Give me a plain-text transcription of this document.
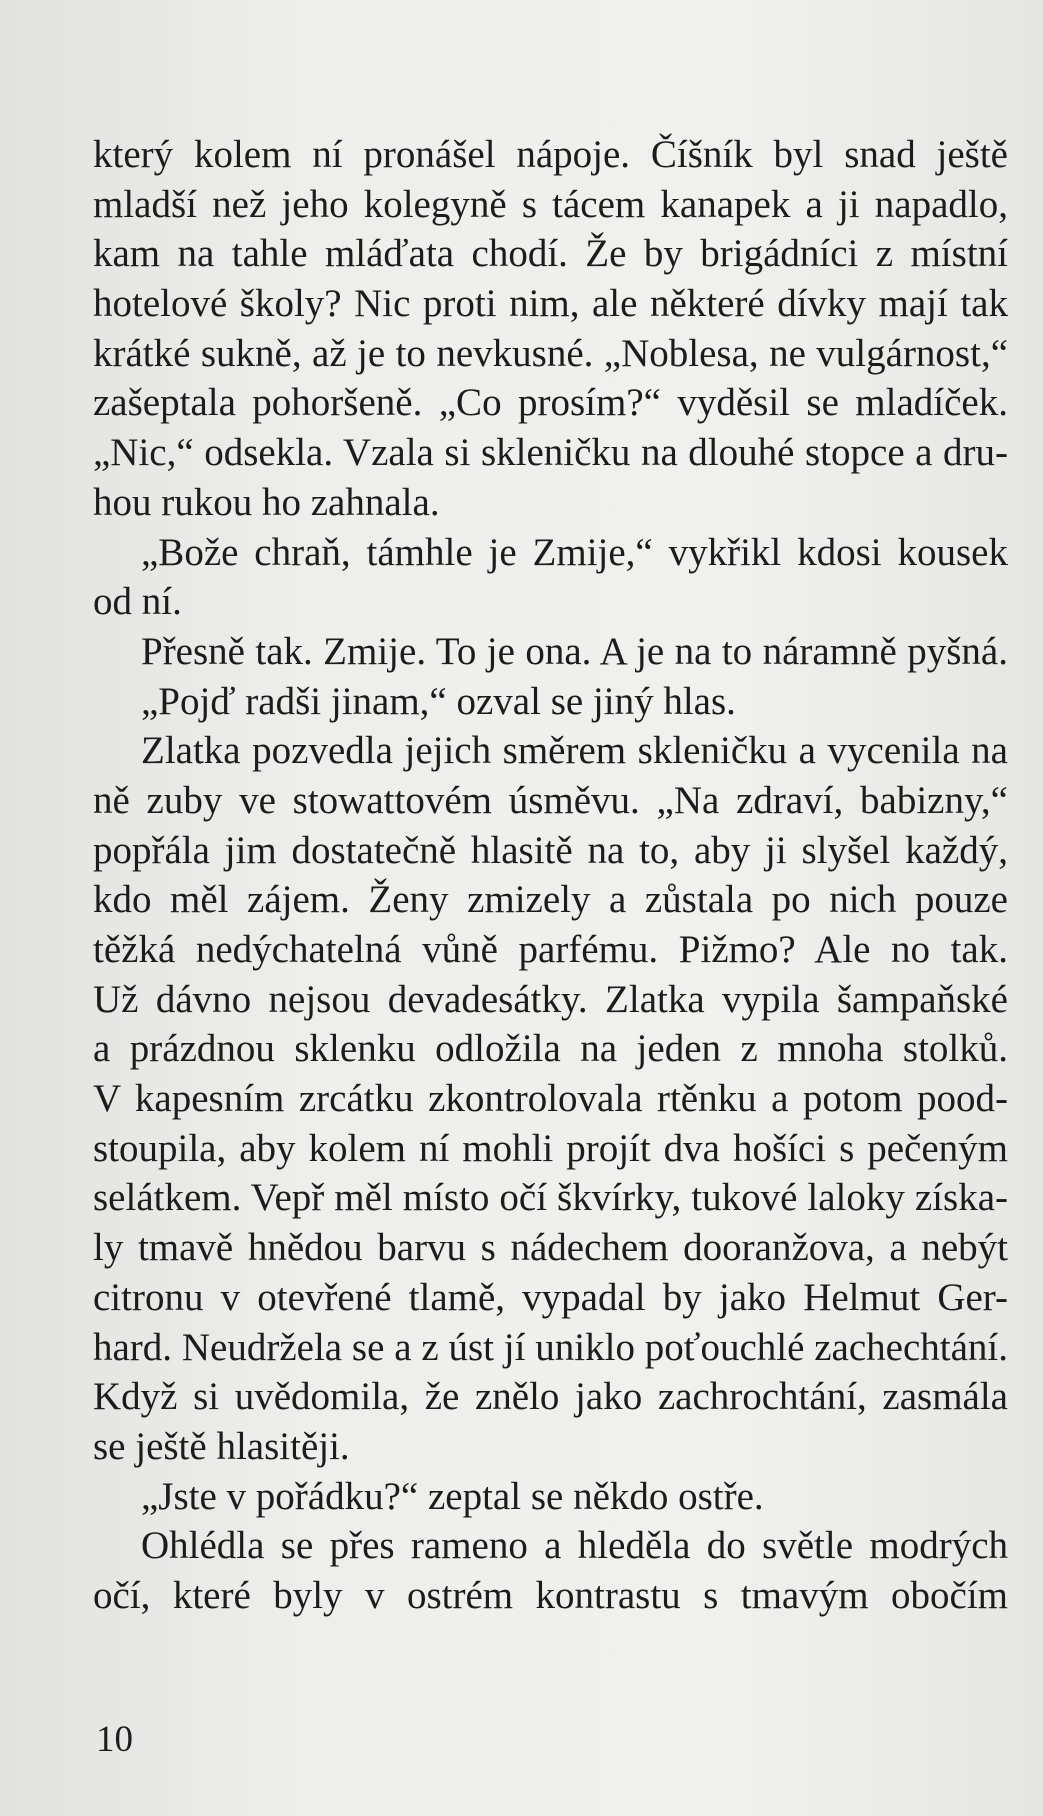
který kolem ní pronášel nápoje. Číšník byl snad ještě
mladší než jeho kolegyně s tácem kanapek a ji napadlo,
kam na tahle mláďata chodí. Že by brigádníci z místní
hotelové školy? Nic proti nim, ale některé dívky mají tak
krátké sukně, až je to nevkusné. „Noblesa, ne vulgárnost,“
zašeptala pohoršeně. „Co prosím?“ vyděsil se mladíček.
„Nic,“ odsekla. Vzala si skleničku na dlouhé stopce a dru-
hou rukou ho zahnala.
„Bože chraň, támhle je Zmije,“ vykřikl kdosi kousek
od ní.
Přesně tak. Zmije. To je ona. A je na to náramně pyšná.
„Pojď radši jinam,“ ozval se jiný hlas.
Zlatka pozvedla jejich směrem skleničku a vycenila na
ně zuby ve stowattovém úsměvu. „Na zdraví, babizny,“
popřála jim dostatečně hlasitě na to, aby ji slyšel každý,
kdo měl zájem. Ženy zmizely a zůstala po nich pouze
těžká nedýchatelná vůně parfému. Pižmo? Ale no tak.
Už dávno nejsou devadesátky. Zlatka vypila šampaňské
a prázdnou sklenku odložila na jeden z mnoha stolků.
V kapesním zrcátku zkontrolovala rtěnku a potom pood-
stoupila, aby kolem ní mohli projít dva hošíci s pečeným
selátkem. Vepř měl místo očí škvírky, tukové laloky získa-
ly tmavě hnědou barvu s nádechem dooranžova, a nebýt
citronu v otevřené tlamě, vypadal by jako Helmut Ger-
hard. Neudržela se a z úst jí uniklo poťouchlé zachechtání.
Když si uvědomila, že znělo jako zachrochtání, zasmála
se ještě hlasitěji.
„Jste v pořádku?“ zeptal se někdo ostře.
Ohlédla se přes rameno a hleděla do světle modrých
očí, které byly v ostrém kontrastu s tmavým obočím
10
